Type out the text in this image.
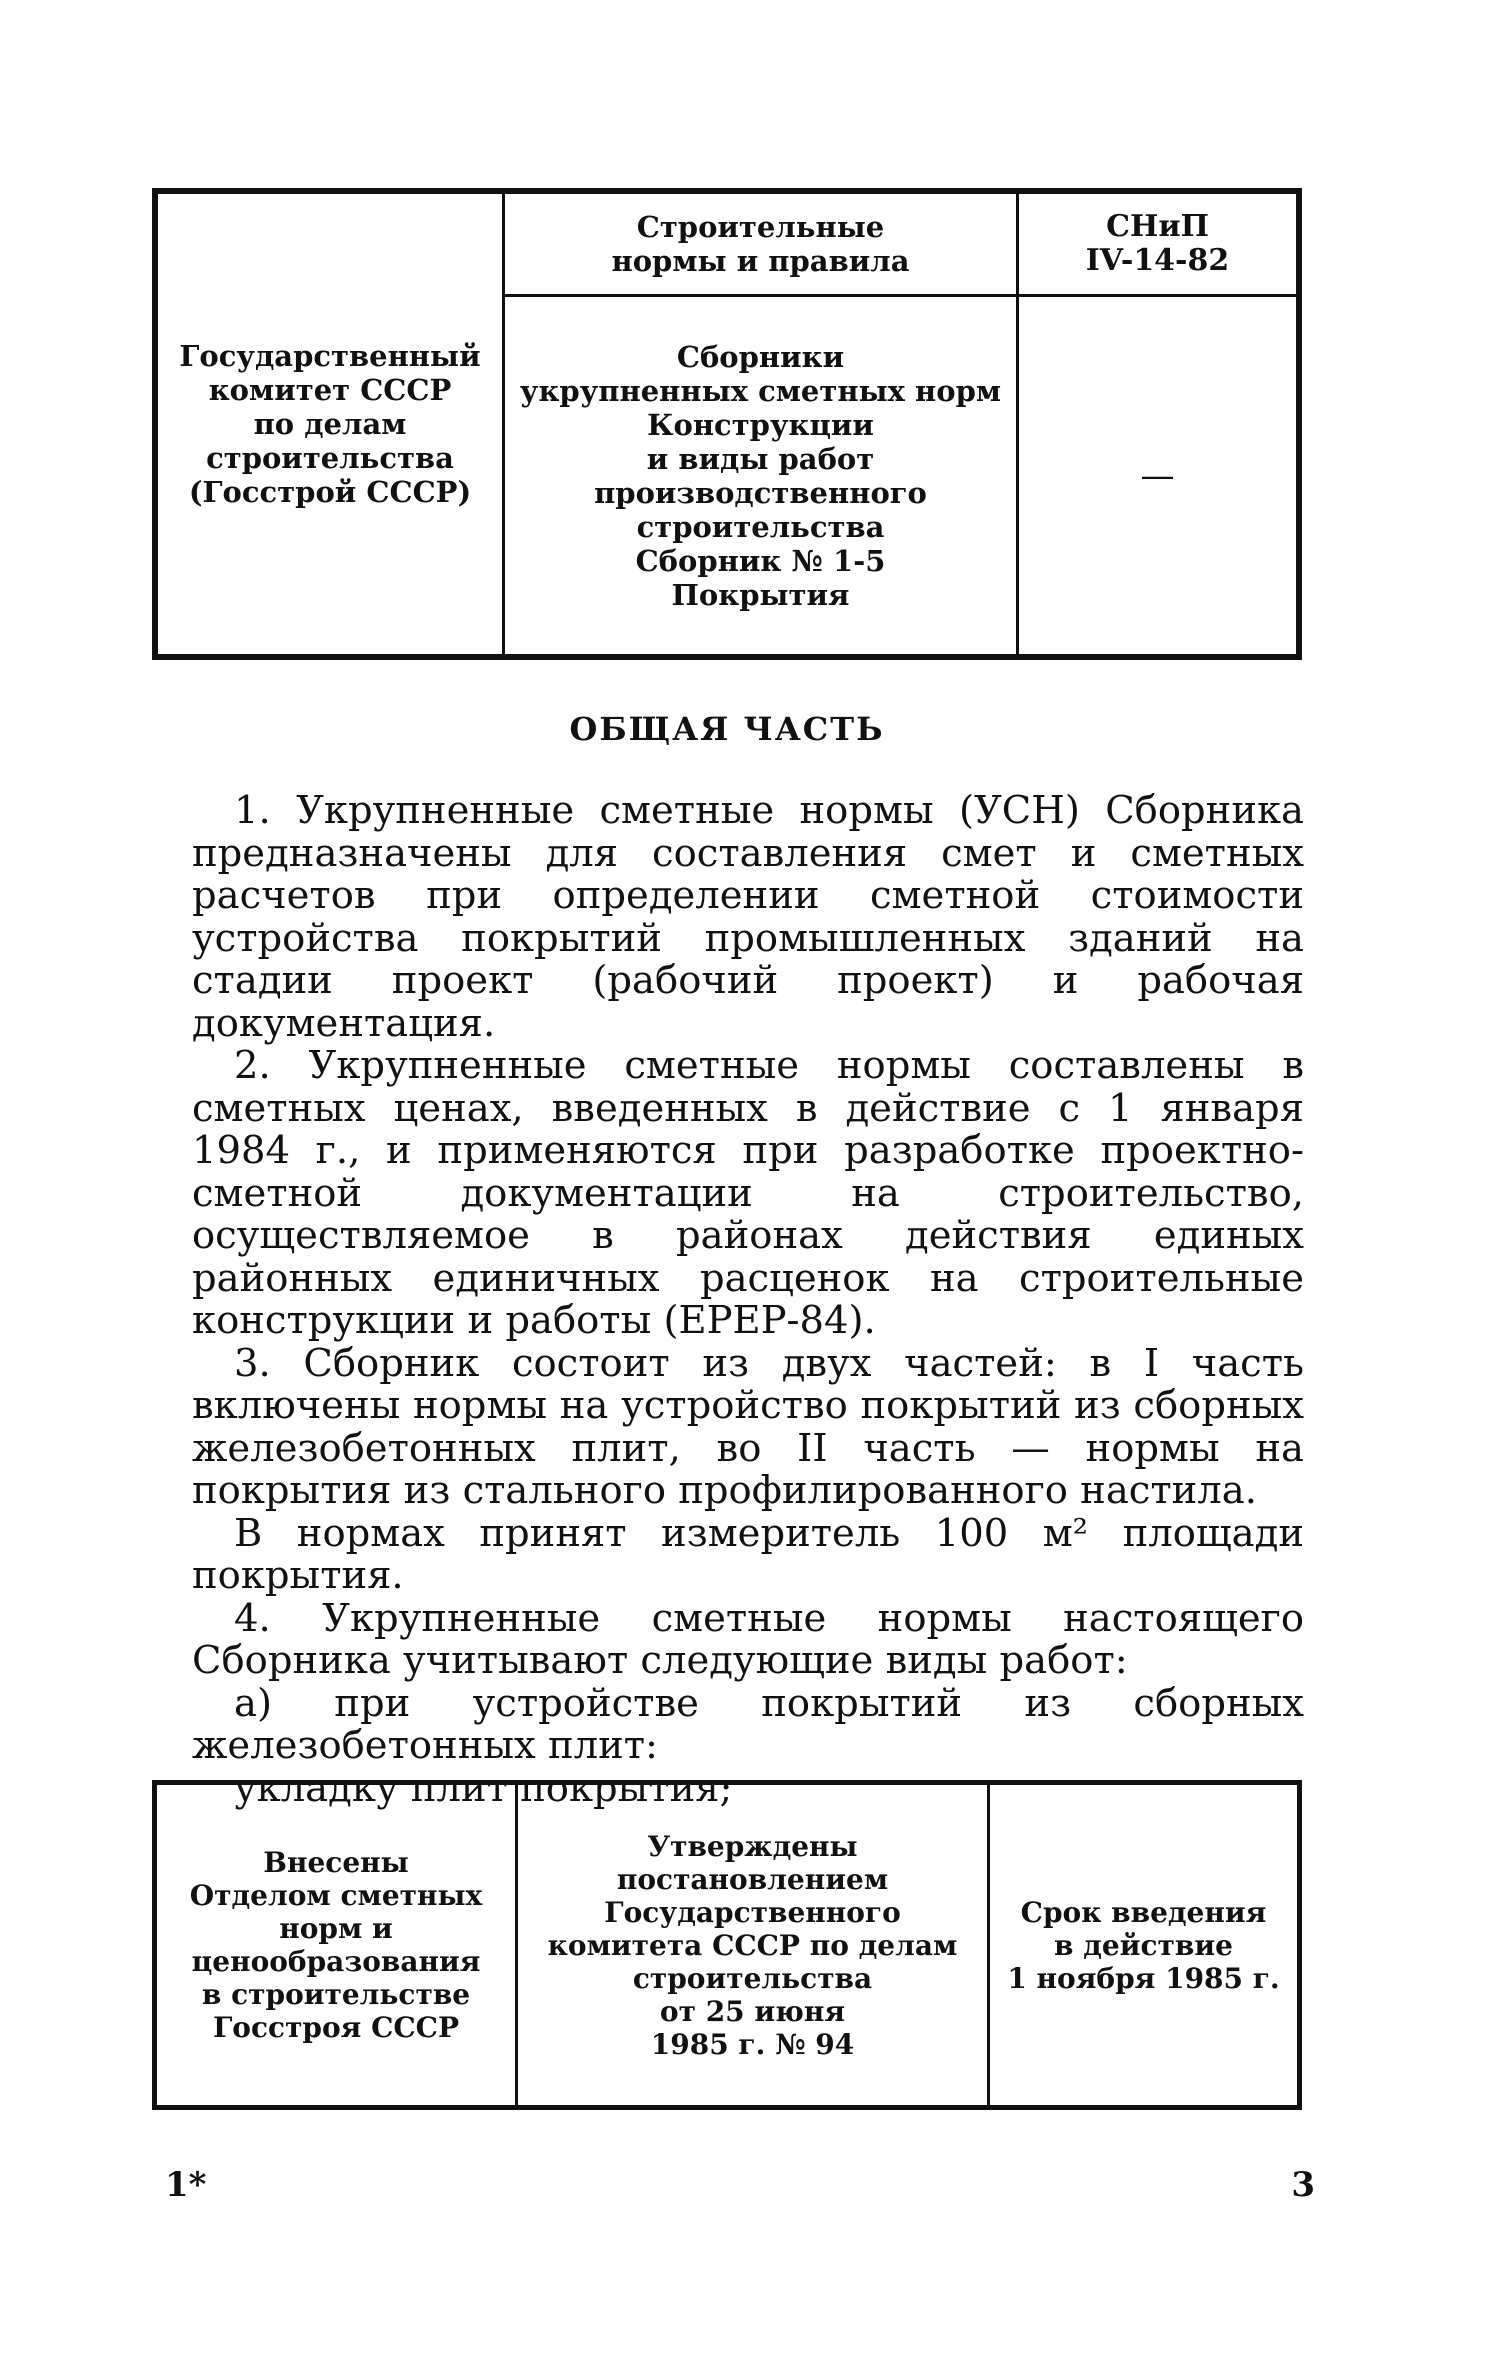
Государственный
комитет СССР
по делам
строительства
(Госстрой СССР)
Строительные
нормы и правила
СНиП
IV-14-82
Сборники
укрупненных сметных норм
Конструкции
и виды работ
производственного
строительства
Сборник № 1-5
Покрытия
—
ОБЩАЯ ЧАСТЬ

1. Укрупненные сметные нормы (УСН) Сборника предназначены для составления смет и сметных расчетов при определении сметной стоимости устройства покрытий промышленных зданий на стадии проект (рабочий проект) и рабочая документация.

2. Укрупненные сметные нормы составлены в сметных ценах, введенных в действие с 1 января 1984 г., и применяются при разработке проектно-сметной документации на строительство, осуществляемое в районах действия единых районных единичных расценок на строительные конструкции и работы (ЕРЕР-84).

3. Сборник состоит из двух частей: в I часть включены нормы на устройство покрытий из сборных железобетонных плит, во II часть — нормы на покрытия из стального профилированного настила.

В нормах принят измеритель 100 м² площади покрытия.

4. Укрупненные сметные нормы настоящего Сборника учитывают следующие виды работ:

а) при устройстве покрытий из сборных железобетонных плит:

укладку плит покрытия;

Внесены
Отделом сметных
норм и
ценообразования
в строительстве
Госстроя СССР
Утверждены
постановлением
Государственного
комитета СССР по делам
строительства
от 25 июня
1985 г. № 94
Срок введения
в действие
1 ноября 1985 г.
1*	3
